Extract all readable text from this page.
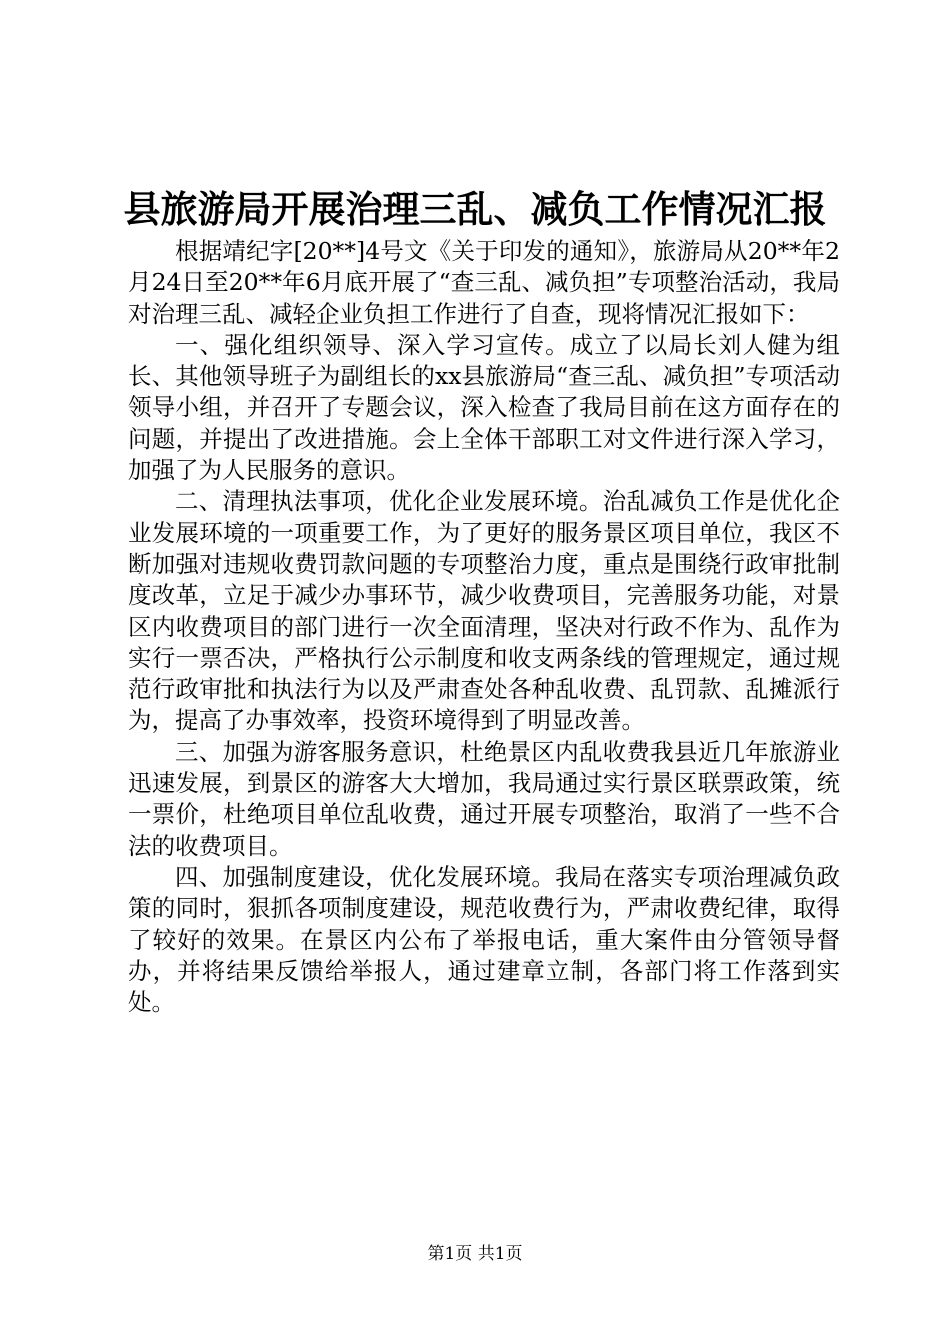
县旅游局开展治理三乱、减负工作情况汇报

根据靖纪字[20**]4号文《关于印发的通知》，旅游局从20**年2月24日至20**年6月底开展了“查三乱、减负担”专项整治活动，我局对治理三乱、减轻企业负担工作进行了自查，现将情况汇报如下：

一、强化组织领导、深入学习宣传。成立了以局长刘人健为组长、其他领导班子为副组长的xx县旅游局“查三乱、减负担”专项活动领导小组，并召开了专题会议，深入检查了我局目前在这方面存在的问题，并提出了改进措施。会上全体干部职工对文件进行深入学习，加强了为人民服务的意识。

二、清理执法事项，优化企业发展环境。治乱减负工作是优化企业发展环境的一项重要工作，为了更好的服务景区项目单位，我区不断加强对违规收费罚款问题的专项整治力度，重点是围绕行政审批制度改革，立足于减少办事环节，减少收费项目，完善服务功能，对景区内收费项目的部门进行一次全面清理，坚决对行政不作为、乱作为实行一票否决，严格执行公示制度和收支两条线的管理规定，通过规范行政审批和执法行为以及严肃查处各种乱收费、乱罚款、乱摊派行为，提高了办事效率，投资环境得到了明显改善。

三、加强为游客服务意识，杜绝景区内乱收费我县近几年旅游业迅速发展，到景区的游客大大增加，我局通过实行景区联票政策，统一票价，杜绝项目单位乱收费，通过开展专项整治，取消了一些不合法的收费项目。

四、加强制度建设，优化发展环境。我局在落实专项治理减负政策的同时，狠抓各项制度建设，规范收费行为，严肃收费纪律，取得了较好的效果。在景区内公布了举报电话，重大案件由分管领导督办，并将结果反馈给举报人，通过建章立制，各部门将工作落到实处。

第1页 共1页
